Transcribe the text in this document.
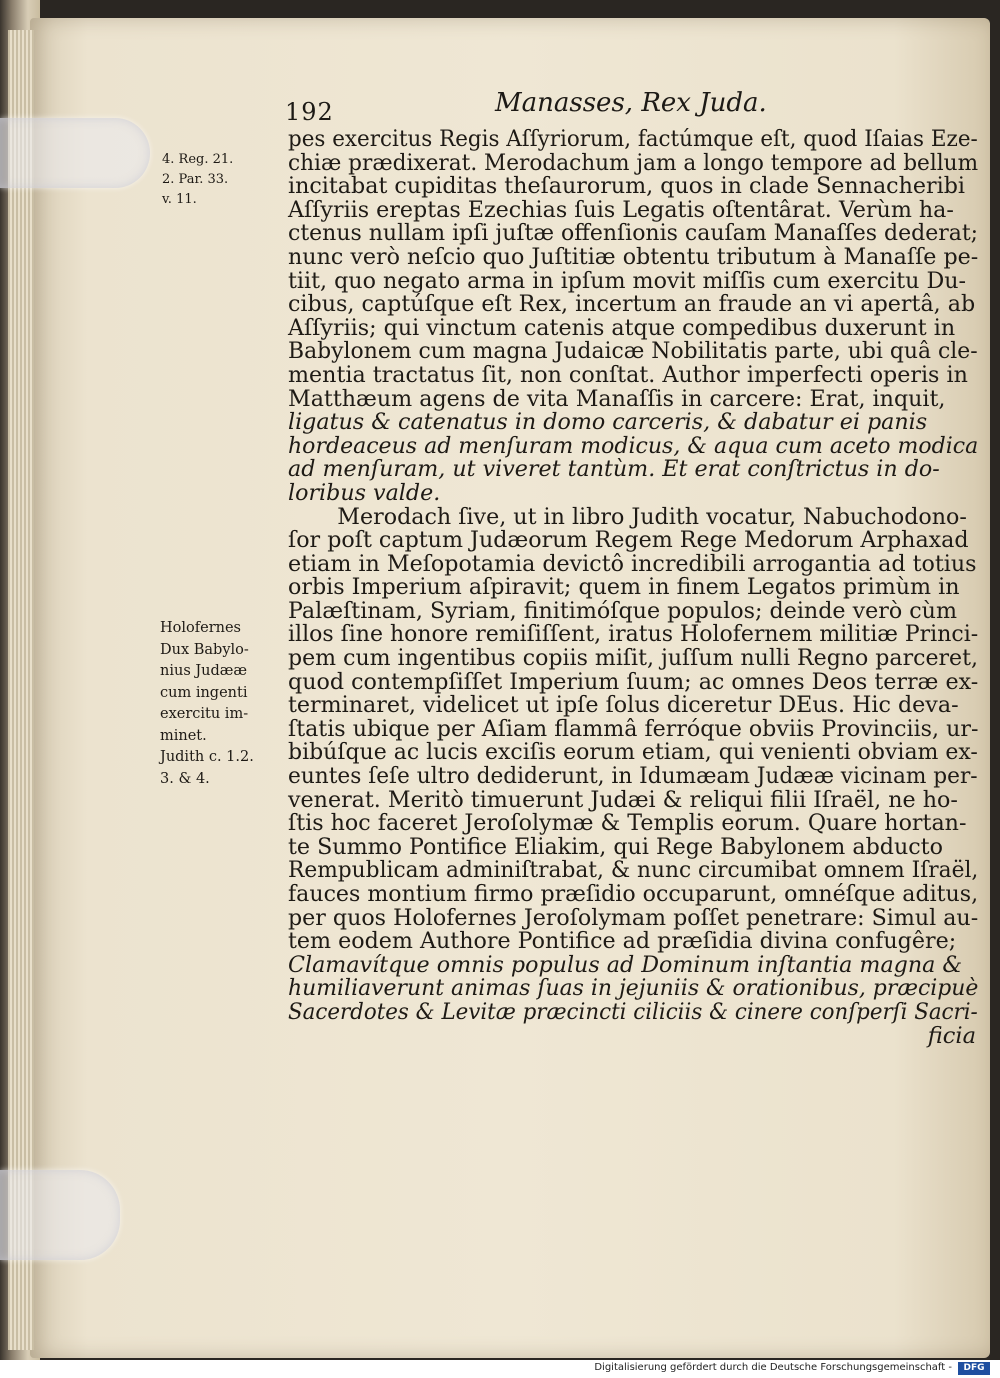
192	Manasses, Rex Juda.
4. Reg. 21.
2. Par. 33.
v. 11.
Holofernes
Dux Babylo-
nius Judææ
cum ingenti
exercitu im-
minet.
Judith c. 1.2.
3. & 4.
pes exercitus Regis Aſſyriorum, factúmque eſt, quod Iſaias Eze-
chiæ prædixerat. Merodachum jam a longo tempore ad bellum
incitabat cupiditas theſaurorum, quos in clade Sennacheribi
Aſſyriis ereptas Ezechias ſuis Legatis oſtentârat. Verùm ha-
ctenus nullam ipſi juſtæ offenſionis cauſam Manaſſes dederat;
nunc verò neſcio quo Juſtitiæ obtentu tributum à Manaſſe pe-
tiit, quo negato arma in ipſum movit miſſis cum exercitu Du-
cibus, captúſque eſt Rex, incertum an fraude an vi apertâ, ab
Aſſyriis; qui vinctum catenis atque compedibus duxerunt in
Babylonem cum magna Judaicæ Nobilitatis parte, ubi quâ cle-
mentia tractatus ſit, non conſtat. Author imperfecti operis in
Matthæum agens de vita Manaſſis in carcere: Erat, inquit,
ligatus & catenatus in domo carceris, & dabatur ei panis
hordeaceus ad menſuram modicus, & aqua cum aceto modica
ad menſuram, ut viveret tantùm. Et erat conſtrictus in do-
loribus valde.
Merodach ſive, ut in libro Judith vocatur, Nabuchodono-
ſor poſt captum Judæorum Regem Rege Medorum Arphaxad
etiam in Meſopotamia devictô incredibili arrogantia ad totius
orbis Imperium aſpiravit; quem in finem Legatos primùm in
Palæſtinam, Syriam, finitimóſque populos; deinde verò cùm
illos ſine honore remiſiſſent, iratus Holofernem militiæ Princi-
pem cum ingentibus copiis miſit, juſſum nulli Regno parceret,
quod contempſiſſet Imperium ſuum; ac omnes Deos terræ ex-
terminaret, videlicet ut ipſe ſolus diceretur DEus. Hic deva-
ſtatis ubique per Aſiam flammâ ferróque obviis Provinciis, ur-
bibúſque ac lucis exciſis eorum etiam, qui venienti obviam ex-
euntes ſeſe ultro dediderunt, in Idumæam Judææ vicinam per-
venerat. Meritò timuerunt Judæi & reliqui filii Iſraël, ne ho-
ſtis hoc faceret Jeroſolymæ & Templis eorum. Quare hortan-
te Summo Pontifice Eliakim, qui Rege Babylonem abducto
Rempublicam adminiſtrabat, & nunc circumibat omnem Iſraël,
fauces montium firmo præſidio occuparunt, omnéſque aditus,
per quos Holofernes Jeroſolymam poſſet penetrare: Simul au-
tem eodem Authore Pontifice ad præſidia divina confugêre;
Clamavítque omnis populus ad Dominum inſtantia magna &
humiliaverunt animas ſuas in jejuniis & orationibus, præcipuè
Sacerdotes & Levitæ præcincti ciliciis & cinere conſperſi Sacri-
ficia
Digitalisierung gefördert durch die Deutsche Forschungsgemeinschaft -	DFG
